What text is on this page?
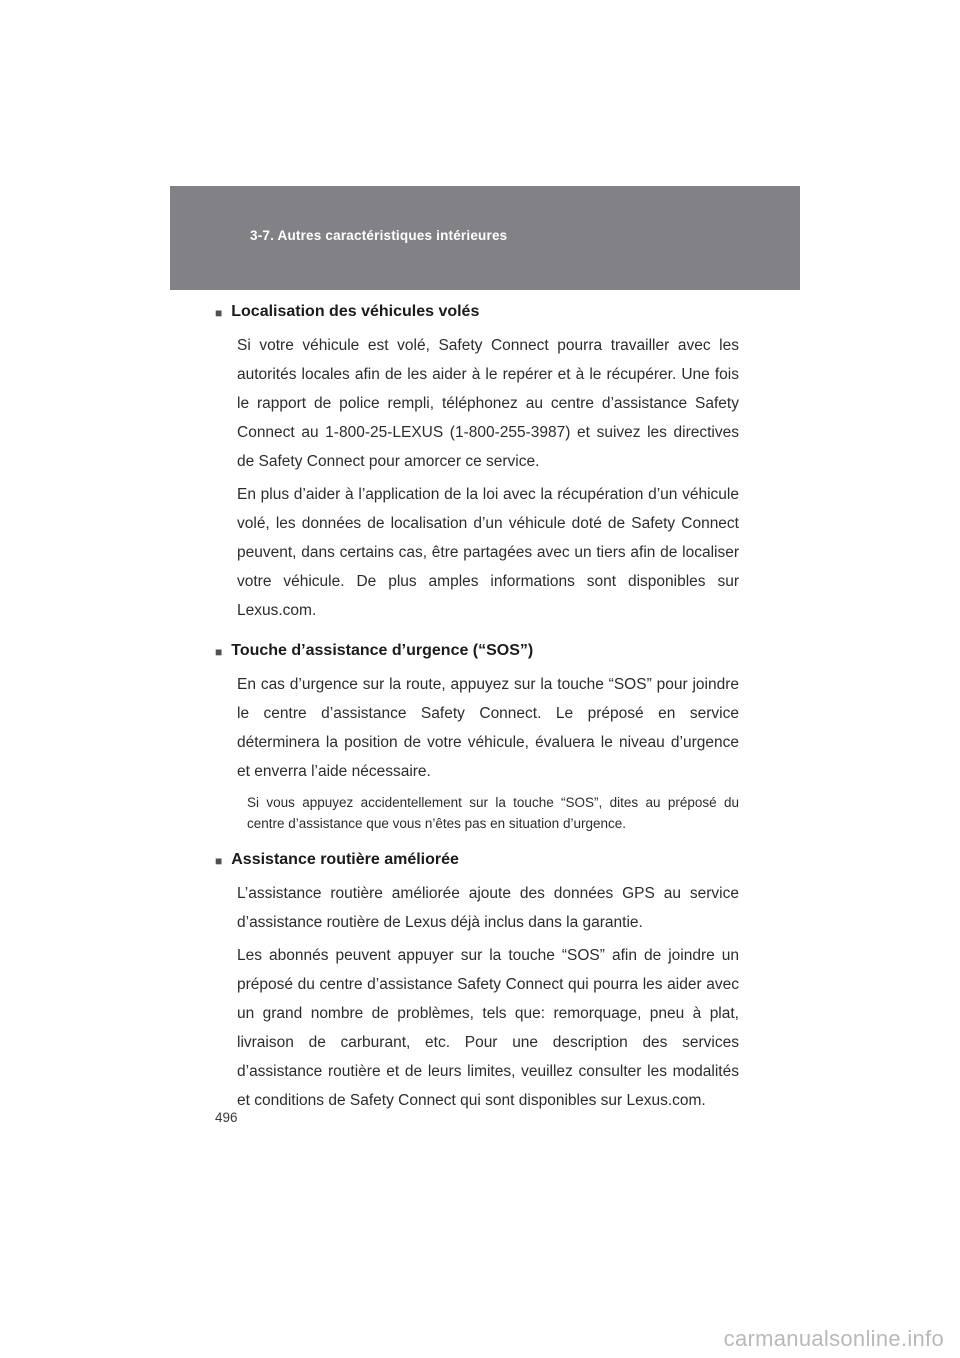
3-7. Autres caractéristiques intérieures
■ Localisation des véhicules volés

Si votre véhicule est volé, Safety Connect pourra travailler avec les autorités locales afin de les aider à le repérer et à le récupérer. Une fois le rapport de police rempli, téléphonez au centre d’assistance Safety Connect au 1-800-25-LEXUS (1-800-255-3987) et suivez les directives de Safety Connect pour amorcer ce service.

En plus d’aider à l’application de la loi avec la récupération d’un véhicule volé, les données de localisation d’un véhicule doté de Safety Connect peuvent, dans certains cas, être partagées avec un tiers afin de localiser votre véhicule. De plus amples informations sont disponibles sur Lexus.com.

■ Touche d’assistance d’urgence (“SOS”)

En cas d’urgence sur la route, appuyez sur la touche “SOS” pour joindre le centre d’assistance Safety Connect. Le préposé en service déterminera la position de votre véhicule, évaluera le niveau d’urgence et enverra l’aide nécessaire.

Si vous appuyez accidentellement sur la touche “SOS”, dites au préposé du centre d’assistance que vous n’êtes pas en situation d’urgence.

■ Assistance routière améliorée

L’assistance routière améliorée ajoute des données GPS au service d’assistance routière de Lexus déjà inclus dans la garantie.

Les abonnés peuvent appuyer sur la touche “SOS” afin de joindre un préposé du centre d’assistance Safety Connect qui pourra les aider avec un grand nombre de problèmes, tels que: remorquage, pneu à plat, livraison de carburant, etc. Pour une description des services d’assistance routière et de leurs limites, veuillez consulter les modalités et conditions de Safety Connect qui sont disponibles sur Lexus.com.

496
carmanualsonline.info
